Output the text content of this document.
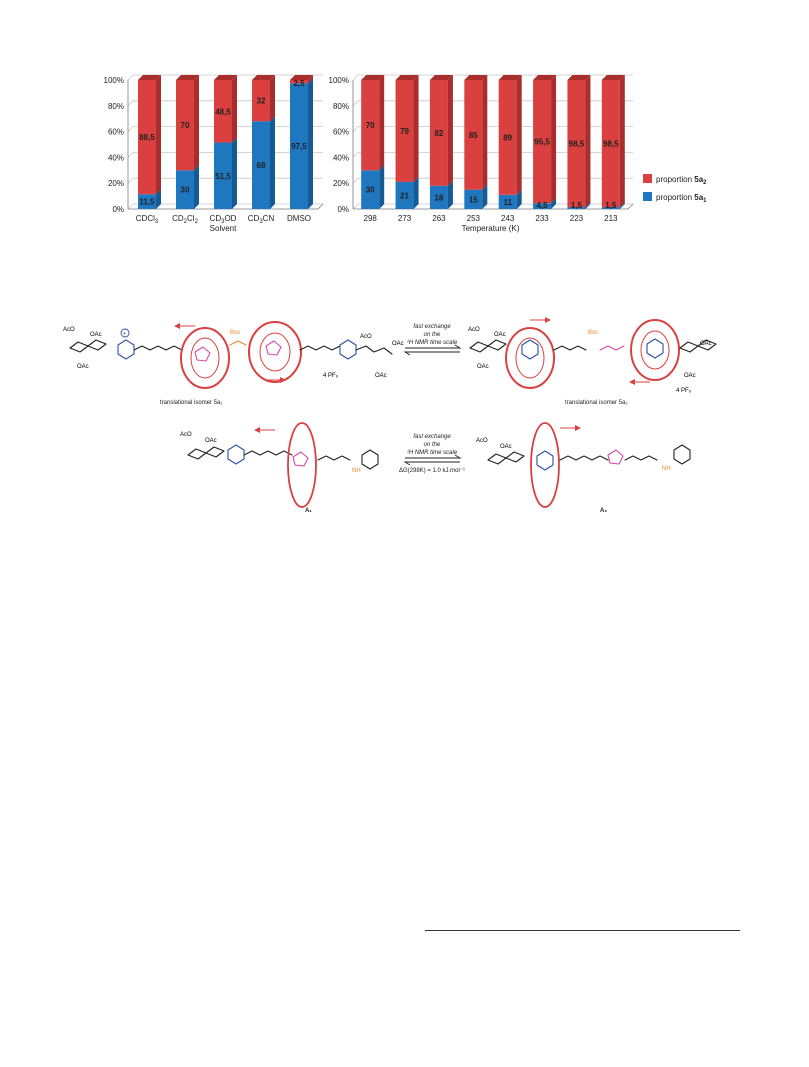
0%
20%
40%
60%
80%
100%
11,5
88,5
CDCl$_3$
30
70
$CD_2Cl_2$
51,5
48,5
$CD_3OD$
68
32
$CD_3CN$
97,5
2,5
DMSO
Solvent
0%
20%
40%
60%
80%
100%
30
70
298
21
79
273
18
82
263
15
85
253
11
89
243
4,5
95,5
233
1,5
98,5
223
1,5
98,5
213
Temperature (K)
proportion $5a_2$
proportion $5a_1$
AcO
OAc
OAc
+	Boc
AcO
OAc
OAc
4 PF₆
translational isomer 5a₁
fast exchange
on the
¹H NMR time scale
AcO
OAc
OAc
Boc
OAc
OAc
4 PF₆
translational isomer 5a₂
AcO
OAc
NH
A₁
fast exchange
on the
¹H NMR time scale
ΔG(298K) = 1.0 kJ.mol⁻¹
AcO
OAc
NH
A₂
